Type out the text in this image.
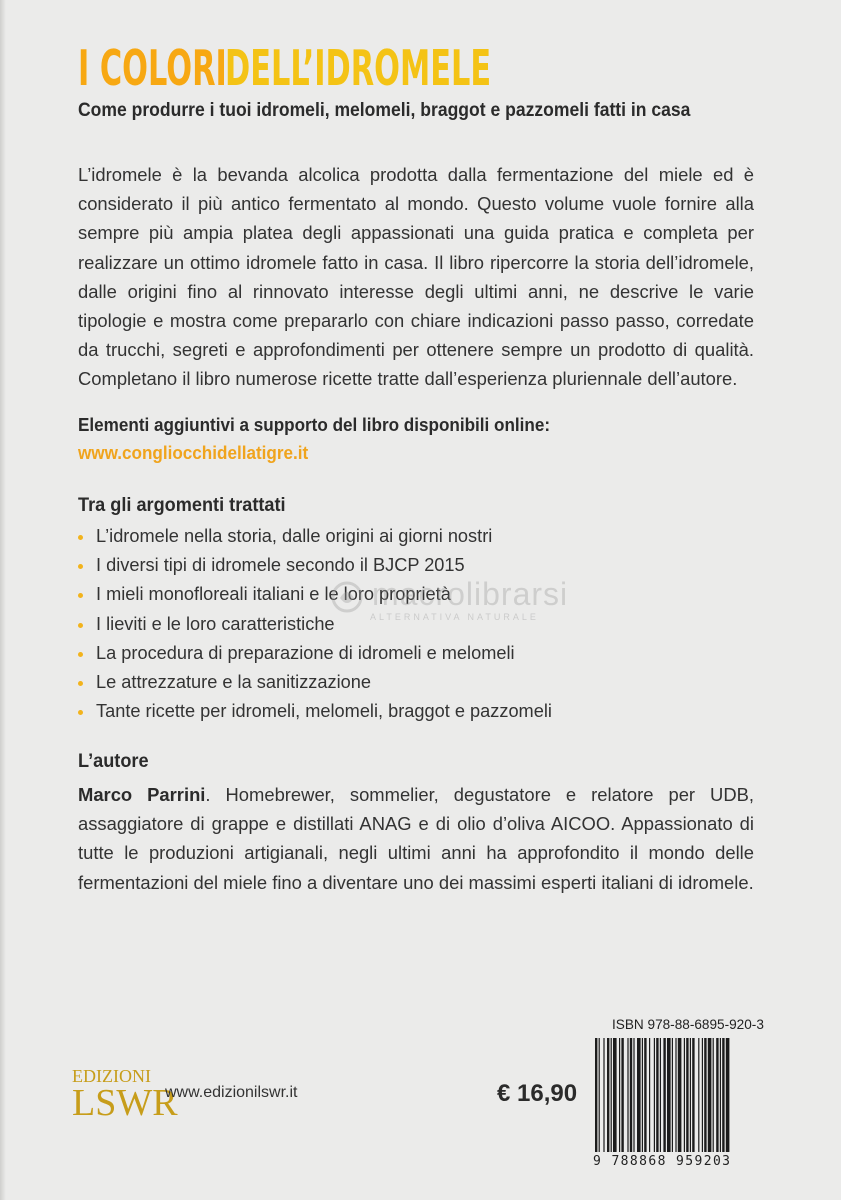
I COLORI
DELL’IDROMELE
Come produrre i tuoi idromeli, melomeli, braggot e pazzomeli fatti in casa
L’idromele è la bevanda alcolica prodotta dalla fermentazione del miele ed è considerato il più antico fermentato al mondo. Questo volume vuole fornire alla sempre più ampia platea degli appassionati una guida pratica e completa per realizzare un ottimo idromele fatto in casa. Il libro ripercorre la storia dell’idromele, dalle origini fino al rinnovato interesse degli ultimi anni, ne descrive le varie tipologie e mostra come prepararlo con chiare indicazioni passo passo, corredate da trucchi, segreti e approfondimenti per ottenere sempre un prodotto di qualità. Completano il libro numerose ricette tratte dall’esperienza pluriennale dell’autore.
Elementi aggiuntivi a supporto del libro disponibili online:
www.congliocchidellatigre.it
Tra gli argomenti trattati
L’idromele nella storia, dalle origini ai giorni nostri
I diversi tipi di idromele secondo il BJCP 2015
I mieli monofloreali italiani e le loro proprietà
I lieviti e le loro caratteristiche
La procedura di preparazione di idromeli e melomeli
Le attrezzature e la sanitizzazione
Tante ricette per idromeli, melomeli, braggot e pazzomeli
macrolibrarsi
ALTERNATIVA NATURALE
L’autore
Marco Parrini. Homebrewer, sommelier, degustatore e relatore per UDB, assaggiatore di grappe e distillati ANAG e di olio d’oliva AICOO. Appassionato di tutte le produzioni artigianali, negli ultimi anni ha approfondito il mondo delle fermentazioni del miele fino a diventare uno dei massimi esperti italiani di idromele.
ISBN 978-88-6895-920-3
9 788868 959203
EDIZIONI
LSWR
www.edizionilswr.it	€ 16,90
